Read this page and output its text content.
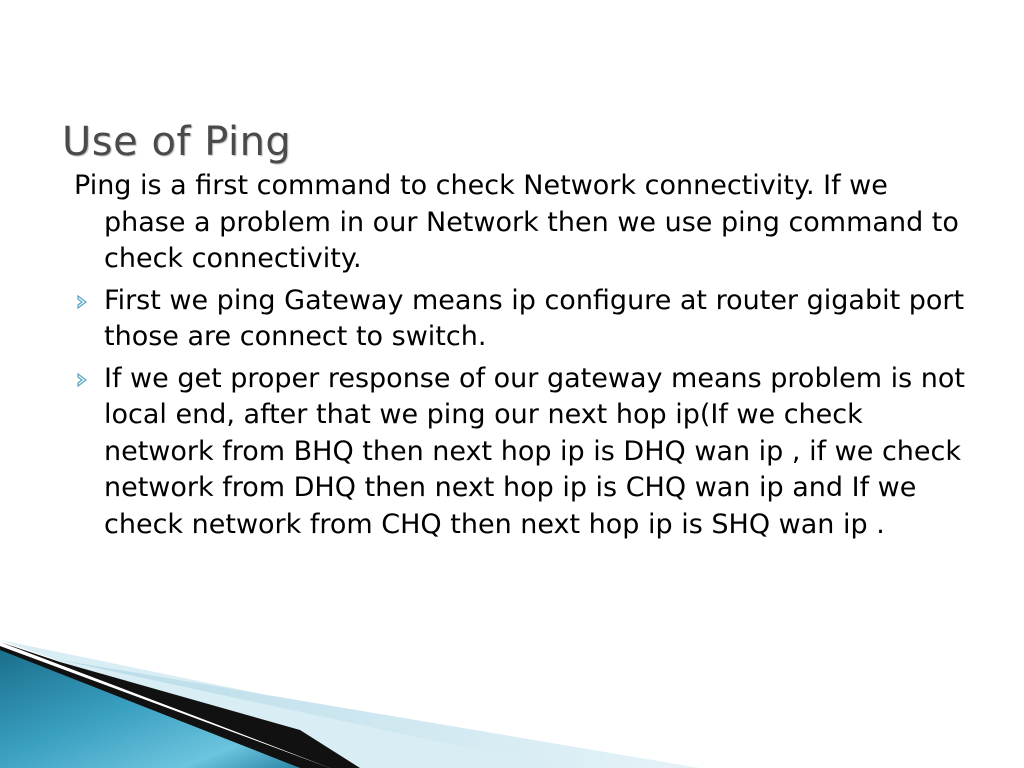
Use of Ping

Ping is a first command to check Network connectivity. If we phase a problem in our Network then we use ping command to check connectivity.

First we ping Gateway means ip configure at router gigabit port those are connect to switch.
If we get proper response of our gateway means problem is not local end, after that we ping our next hop ip(If we check network from BHQ then next hop ip is DHQ wan ip , if we check network from DHQ then next hop ip is CHQ wan ip and If we check network from CHQ then next hop ip is SHQ wan ip .
